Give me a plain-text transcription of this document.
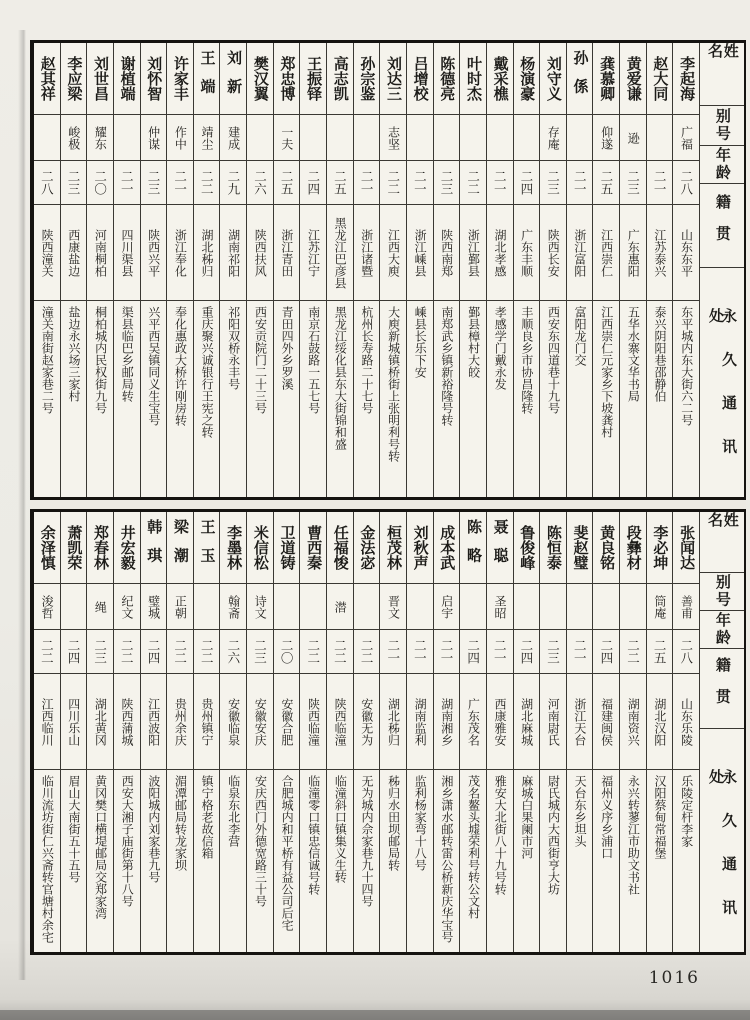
姓名
别号
年龄
籍贯
永久通讯处
李起海
广福
二八
山东东平
东平城内东大街六二号
赵大同
二一
江苏泰兴
泰兴阴阳巷邵静伯
黄爱谦
逊
二三
广东惠阳
五华水寨文华书局
龚慕卿
仰遂
二五
江西崇仁
江西崇仁元家乡下坡龚村
孙係
二一
浙江富阳
富阳龙门交
刘守义
存庵
二三
陕西长安
西安东四道巷十九号
杨演豪
二四
广东丰顺
丰顺良乡市协昌隆转
戴采樵
二一
湖北孝感
孝感学门戴永发
叶时杰
二二
浙江鄞县
鄞县樟村大皎
陈德亮
二三
陕西南郑
南郑武乡镇新裕隆号转
吕增校
二一
浙江嵊县
嵊县长乐下安
刘达三
志坚
二二
江西大庾
大庾新城镇桥街上张明利号转
孙宗鉴
二一
浙江诸暨
杭州长寿路二十七号
高志凯
二五
黑龙江巴彦县
黑龙江绥化县东大街锦和盛
王振铎
二四
江苏江宁
南京石鼓路一五七号
郑忠博
一夫
二五
浙江青田
青田四外乡罗溪
樊汉翼
二六
陕西扶风
西安贡院门二十三号
刘新
建成
二九
湖南祁阳
祁阳双桥永丰号
王端
靖尘
二二
湖北秭归
重庆聚兴诚银行王宪之转
许家丰
作中
二一
浙江奉化
奉化惠政大桥许刚房转
刘怀智
仲谋
二三
陕西兴平
兴平西吴镇同义生宝号
谢植端
二一
四川渠县
渠县临巴乡邮局转
刘世昌
耀东
二〇
河南桐柏
桐柏城内民权街九号
李应梁
峻极
二三
西康盐边
盐边永兴场三家村
赵其祥
二八
陕西潼关
潼关南街赵家巷二号
姓名
别号
年龄
籍贯
永久通讯处
张闻达
善甫
二八
山东乐陵
乐陵定杆李家
李必坤
筒庵
二五
湖北汉阳
汉阳蔡甸常福堡
段彝材
二二
湖南资兴
永兴转蓼江市助文书社
黄良铭
二四
福建闽侯
福州义序乡浦口
斐赵璧
二一
浙江天台
天台东乡坦头
陈恒泰
二三
河南尉氏
尉氏城内大西街亨大坊
鲁俊峰
二四
湖北麻城
麻城白果阑市河
聂聪
圣昭
二一
西康雅安
雅安大北街八十九号转
陈略
二四
广东茂名
茂名鳌头墟荣利号转公文村
成本武
启宇
二一
湖南湘乡
湘乡潇水邮转雷公桥新庆华宝号
刘秋声
二一
湖南监利
监利杨家弯十八号
桓茂林
晋文
二一
湖北秭归
秭归水田坝邮局转
金法宓
二二
安徽无为
无为城内佘家巷九十四号
任福悛
潜
二二
陕西临潼
临潼斜口镇集义生转
曹西秦
二二
陕西临潼
临潼零口镇忠信诚号转
卫道铸
二〇
安徽合肥
合肥城内和平桥有益公司后宅
米信松
诗文
二三
安徽安庆
安庆西门外德宽路三十号
李墨林
翰斋
二六
安徽临泉
临泉东北李营
王玉
二二
贵州镇宁
镇宁格老故信箱
梁潮
正朝
二二
贵州余庆
湄潭邮局转龙家坝
韩琪
璧城
二四
江西波阳
波阳城内刘家巷九号
井宏毅
纪文
二二
陕西蒲城
西安大湘子庙街第十八号
郑春林
绳
二三
湖北黄冈
黄冈樊口横堤邮局交郑家湾
萧凯荣
二四
四川乐山
眉山大南街五十五号
余泽慎
浚哲
二二
江西临川
临川流坊街仁兴斋转官塘村余宅
1016
